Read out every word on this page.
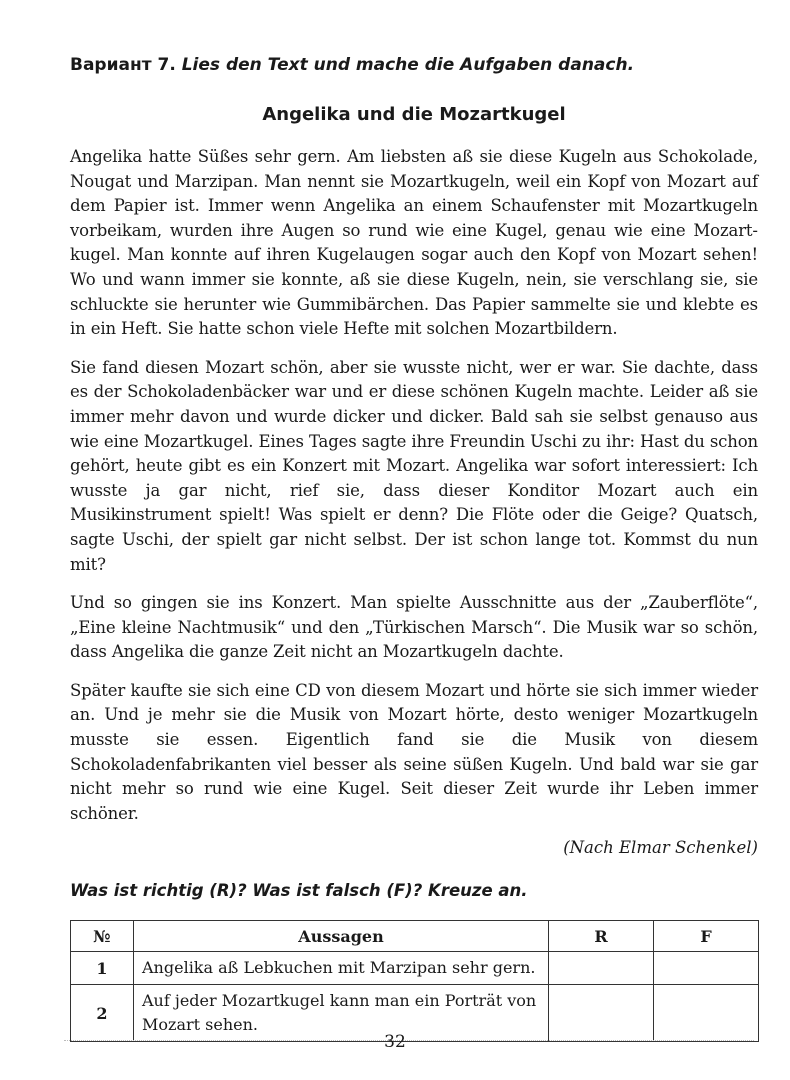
Вариант 7. Lies den Text und mache die Aufgaben danach.

Angelika und die Mozartkugel

Angelika hatte Süßes sehr gern. Am liebsten aß sie diese Kugeln aus Schokolade, Nougat und Marzipan. Man nennt sie Mozartkugeln, weil ein Kopf von Mozart auf dem Papier ist. Immer wenn Angelika an einem Schaufenster mit Mozartkugeln vorbeikam, wurden ihre Augen so rund wie eine Kugel, genau wie eine Mozartkugel. Man konnte auf ihren Kugelaugen sogar auch den Kopf von Mozart sehen! Wo und wann immer sie konnte, aß sie diese Kugeln, nein, sie verschlang sie, sie schluckte sie herunter wie Gummibärchen. Das Papier sammelte sie und klebte es in ein Heft. Sie hatte schon viele Hefte mit solchen Mozartbildern.

Sie fand diesen Mozart schön, aber sie wusste nicht, wer er war. Sie dachte, dass es der Schokoladenbäcker war und er diese schönen Kugeln machte. Leider aß sie immer mehr davon und wurde dicker und dicker. Bald sah sie selbst genauso aus wie eine Mozartkugel. Eines Tages sagte ihre Freundin Uschi zu ihr: Hast du schon gehört, heute gibt es ein Konzert mit Mozart. Angelika war sofort interessiert: Ich wusste ja gar nicht, rief sie, dass dieser Konditor Mozart auch ein Musikinstrument spielt! Was spielt er denn? Die Flöte oder die Geige? Quatsch, sagte Uschi, der spielt gar nicht selbst. Der ist schon lange tot. Kommst du nun mit?

Und so gingen sie ins Konzert. Man spielte Ausschnitte aus der „Zauberflöte“, „Eine kleine Nachtmusik“ und den „Türkischen Marsch“. Die Musik war so schön, dass Angelika die ganze Zeit nicht an Mozartkugeln dachte.

Später kaufte sie sich eine CD von diesem Mozart und hörte sie sich immer wieder an. Und je mehr sie die Musik von Mozart hörte, desto weniger Mozartkugeln musste sie essen. Eigentlich fand sie die Musik von diesem Schokoladenfabrikanten viel besser als seine süßen Kugeln. Und bald war sie gar nicht mehr so rund wie eine Kugel. Seit dieser Zeit wurde ihr Leben immer schöner.

(Nach Elmar Schenkel)
Was ist richtig (R)? Was ist falsch (F)? Kreuze an.
№	Aussagen	R	F
1	Angelika aß Lebkuchen mit Marzipan sehr gern.		
2	Auf jeder Mozartkugel kann man ein Porträt von Mozart sehen.		
32
